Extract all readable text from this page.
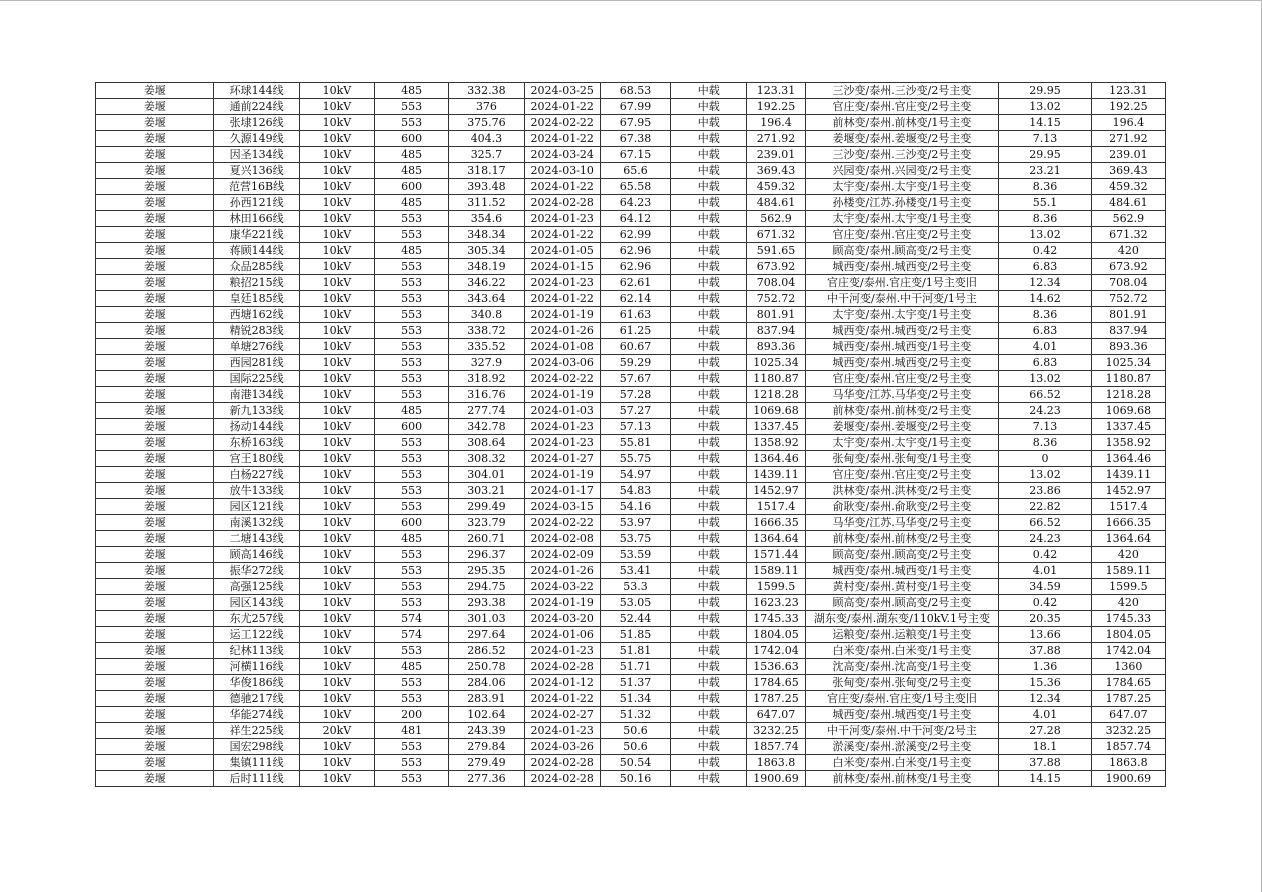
姜堰	环球144线	10kV	485	332.38	2024-03-25	68.53	中载	123.31	三沙变/泰州.三沙变/2号主变	29.95	123.31
姜堰	通前224线	10kV	553	376	2024-01-22	67.99	中载	192.25	官庄变/泰州.官庄变/2号主变	13.02	192.25
姜堰	张埭126线	10kV	553	375.76	2024-02-22	67.95	中载	196.4	前林变/泰州.前林变/1号主变	14.15	196.4
姜堰	久源149线	10kV	600	404.3	2024-01-22	67.38	中载	271.92	姜堰变/泰州.姜堰变/2号主变	7.13	271.92
姜堰	因圣134线	10kV	485	325.7	2024-03-24	67.15	中载	239.01	三沙变/泰州.三沙变/2号主变	29.95	239.01
姜堰	夏兴136线	10kV	485	318.17	2024-03-10	65.6	中载	369.43	兴园变/泰州.兴园变/2号主变	23.21	369.43
姜堰	范营16B线	10kV	600	393.48	2024-01-22	65.58	中载	459.32	太宇变/泰州.太宇变/1号主变	8.36	459.32
姜堰	孙西121线	10kV	485	311.52	2024-02-28	64.23	中载	484.61	孙楼变/江苏.孙楼变/1号主变	55.1	484.61
姜堰	林田166线	10kV	553	354.6	2024-01-23	64.12	中载	562.9	太宇变/泰州.太宇变/1号主变	8.36	562.9
姜堰	康华221线	10kV	553	348.34	2024-01-22	62.99	中载	671.32	官庄变/泰州.官庄变/2号主变	13.02	671.32
姜堰	蒋顾144线	10kV	485	305.34	2024-01-05	62.96	中载	591.65	顾高变/泰州.顾高变/2号主变	0.42	420
姜堰	众品285线	10kV	553	348.19	2024-01-15	62.96	中载	673.92	城西变/泰州.城西变/2号主变	6.83	673.92
姜堰	粮招215线	10kV	553	346.22	2024-01-23	62.61	中载	708.04	官庄变/泰州.官庄变/1号主变旧	12.34	708.04
姜堰	皇廷185线	10kV	553	343.64	2024-01-22	62.14	中载	752.72	中干河变/泰州.中干河变/1号主	14.62	752.72
姜堰	西塘162线	10kV	553	340.8	2024-01-19	61.63	中载	801.91	太宇变/泰州.太宇变/1号主变	8.36	801.91
姜堰	精锐283线	10kV	553	338.72	2024-01-26	61.25	中载	837.94	城西变/泰州.城西变/2号主变	6.83	837.94
姜堰	单塘276线	10kV	553	335.52	2024-01-08	60.67	中载	893.36	城西变/泰州.城西变/1号主变	4.01	893.36
姜堰	西园281线	10kV	553	327.9	2024-03-06	59.29	中载	1025.34	城西变/泰州.城西变/2号主变	6.83	1025.34
姜堰	国际225线	10kV	553	318.92	2024-02-22	57.67	中载	1180.87	官庄变/泰州.官庄变/2号主变	13.02	1180.87
姜堰	南港134线	10kV	553	316.76	2024-01-19	57.28	中载	1218.28	马华变/江苏.马华变/2号主变	66.52	1218.28
姜堰	新九133线	10kV	485	277.74	2024-01-03	57.27	中载	1069.68	前林变/泰州.前林变/2号主变	24.23	1069.68
姜堰	扬动144线	10kV	600	342.78	2024-01-23	57.13	中载	1337.45	姜堰变/泰州.姜堰变/2号主变	7.13	1337.45
姜堰	东桥163线	10kV	553	308.64	2024-01-23	55.81	中载	1358.92	太宇变/泰州.太宇变/1号主变	8.36	1358.92
姜堰	宫王180线	10kV	553	308.32	2024-01-27	55.75	中载	1364.46	张甸变/泰州.张甸变/1号主变	0	1364.46
姜堰	白杨227线	10kV	553	304.01	2024-01-19	54.97	中载	1439.11	官庄变/泰州.官庄变/2号主变	13.02	1439.11
姜堰	放牛133线	10kV	553	303.21	2024-01-17	54.83	中载	1452.97	洪林变/泰州.洪林变/2号主变	23.86	1452.97
姜堰	园区121线	10kV	553	299.49	2024-03-15	54.16	中载	1517.4	俞耿变/泰州.俞耿变/2号主变	22.82	1517.4
姜堰	南溪132线	10kV	600	323.79	2024-02-22	53.97	中载	1666.35	马华变/江苏.马华变/2号主变	66.52	1666.35
姜堰	二塘143线	10kV	485	260.71	2024-02-08	53.75	中载	1364.64	前林变/泰州.前林变/2号主变	24.23	1364.64
姜堰	顾高146线	10kV	553	296.37	2024-02-09	53.59	中载	1571.44	顾高变/泰州.顾高变/2号主变	0.42	420
姜堰	振华272线	10kV	553	295.35	2024-01-26	53.41	中载	1589.11	城西变/泰州.城西变/1号主变	4.01	1589.11
姜堰	高强125线	10kV	553	294.75	2024-03-22	53.3	中载	1599.5	黄村变/泰州.黄村变/1号主变	34.59	1599.5
姜堰	园区143线	10kV	553	293.38	2024-01-19	53.05	中载	1623.23	顾高变/泰州.顾高变/2号主变	0.42	420
姜堰	东尤257线	10kV	574	301.03	2024-03-20	52.44	中载	1745.33	湖东变/泰州.湖东变/110kV.1号主变	20.35	1745.33
姜堰	运工122线	10kV	574	297.64	2024-01-06	51.85	中载	1804.05	运粮变/泰州.运粮变/1号主变	13.66	1804.05
姜堰	纪林113线	10kV	553	286.52	2024-01-23	51.81	中载	1742.04	白米变/泰州.白米变/1号主变	37.88	1742.04
姜堰	河横116线	10kV	485	250.78	2024-02-28	51.71	中载	1536.63	沈高变/泰州.沈高变/1号主变	1.36	1360
姜堰	华俊186线	10kV	553	284.06	2024-01-12	51.37	中载	1784.65	张甸变/泰州.张甸变/2号主变	15.36	1784.65
姜堰	德驰217线	10kV	553	283.91	2024-01-22	51.34	中载	1787.25	官庄变/泰州.官庄变/1号主变旧	12.34	1787.25
姜堰	华能274线	10kV	200	102.64	2024-02-27	51.32	中载	647.07	城西变/泰州.城西变/1号主变	4.01	647.07
姜堰	祥生225线	20kV	481	243.39	2024-01-23	50.6	中载	3232.25	中干河变/泰州.中干河变/2号主	27.28	3232.25
姜堰	国宏298线	10kV	553	279.84	2024-03-26	50.6	中载	1857.74	淤溪变/泰州.淤溪变/2号主变	18.1	1857.74
姜堰	集镇111线	10kV	553	279.49	2024-02-28	50.54	中载	1863.8	白米变/泰州.白米变/1号主变	37.88	1863.8
姜堰	后时111线	10kV	553	277.36	2024-02-28	50.16	中载	1900.69	前林变/泰州.前林变/1号主变	14.15	1900.69
